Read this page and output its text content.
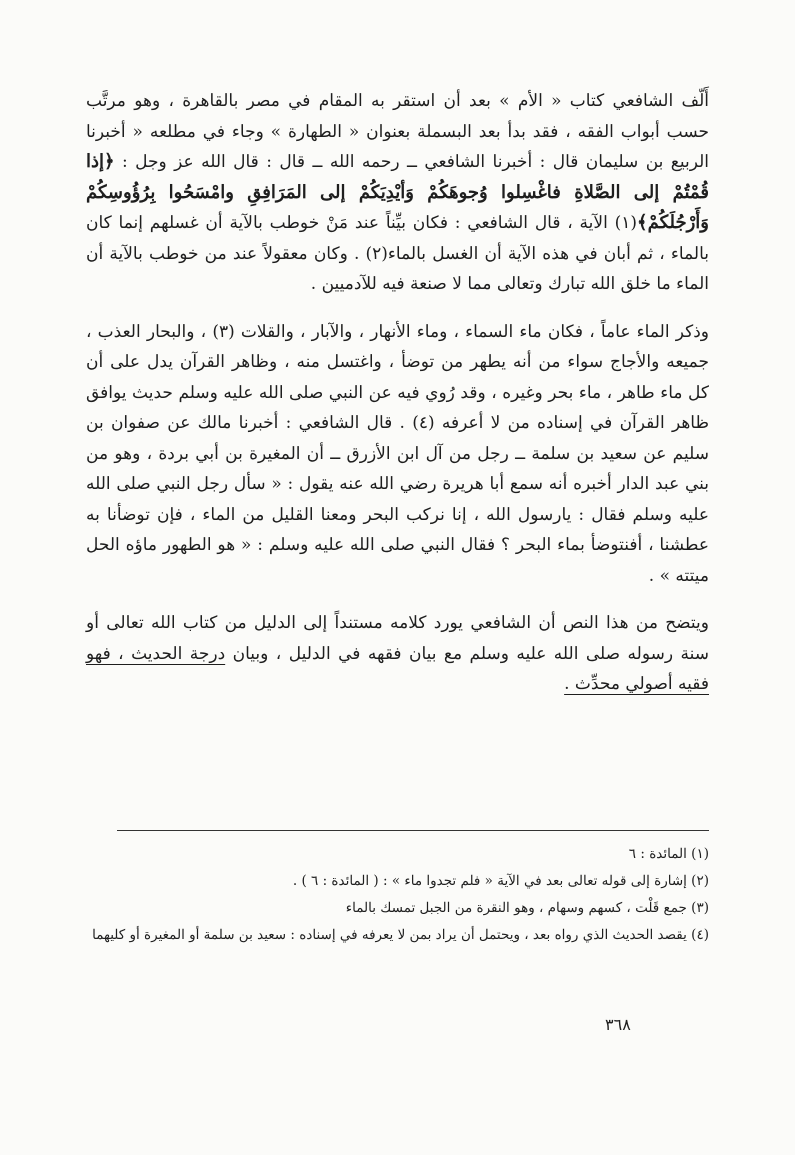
أَلّف الشافعي كتاب « الأم » بعد أن استقر به المقام في مصر بالقاهرة ، وهو مرتَّب حسب أبواب الفقه ، فقد بدأ بعد البسملة بعنوان « الطهارة » وجاء في مطلعه « أخبرنا الربيع بن سليمان قال : أخبرنا الشافعي ــ رحمه الله ــ قال : قال الله عز وجل : ﴿إذا قُمْتُمْ إلى الصَّلاةِ فاغْسِلوا وُجوهَكُمْ وَأيْدِيَكُمْ إلى المَرَافِقِ وامْسَحُوا بِرُؤُوسِكُمْ وَأَرْجُلَكُمْ﴾(١) الآية ، قال الشافعي : فكان بيِّناً عند مَنْ خوطب بالآية أن غسلهم إنما كان بالماء ، ثم أبان في هذه الآية أن الغسل بالماء(٢) . وكان معقولاً عند من خوطب بالآية أن الماء ما خلق الله تبارك وتعالى مما لا صنعة فيه للآدميين .

وذكر الماء عاماً ، فكان ماء السماء ، وماء الأنهار ، والآبار ، والقلات (٣) ، والبحار العذب ، جميعه والأجاج سواء من أنه يطهر من توضأ ، واغتسل منه ، وظاهر القرآن يدل على أن كل ماء طاهر ، ماء بحر وغيره ، وقد رُوي فيه عن النبي صلى الله عليه وسلم حديث يوافق ظاهر القرآن في إسناده من لا أعرفه (٤) . قال الشافعي : أخبرنا مالك عن صفوان بن سليم عن سعيد بن سلمة ــ رجل من آل ابن الأزرق ــ أن المغيرة بن أبي بردة ، وهو من بني عبد الدار أخبره أنه سمع أبا هريرة رضي الله عنه يقول : « سأل رجل النبي صلى الله عليه وسلم فقال : يارسول الله ، إنا نركب البحر ومعنا القليل من الماء ، فإن توضأنا به عطشنا ، أفنتوضأ بماء البحر ؟ فقال النبي صلى الله عليه وسلم : « هو الطهور ماؤه الحل ميتته » .

ويتضح من هذا النص أن الشافعي يورد كلامه مستنداً إلى الدليل من كتاب الله تعالى أو سنة رسوله صلى الله عليه وسلم مع بيان فقهه في الدليل ، وبيان درجة الحديث ، فهو فقيه أصولي محدِّث .

(١) المائدة : ٦

(٢) إشارة إلى قوله تعالى بعد في الآية « فلم تجدوا ماء » : ( المائدة : ٦ ) .

(٣) جمع قَلْت ، كسهم وسهام ، وهو النقرة من الجبل تمسك بالماء

(٤) يقصد الحديث الذي رواه بعد ، ويحتمل أن يراد بمن لا يعرفه في إسناده : سعيد بن سلمة أو المغيرة أو كليهما

٣٦٨
